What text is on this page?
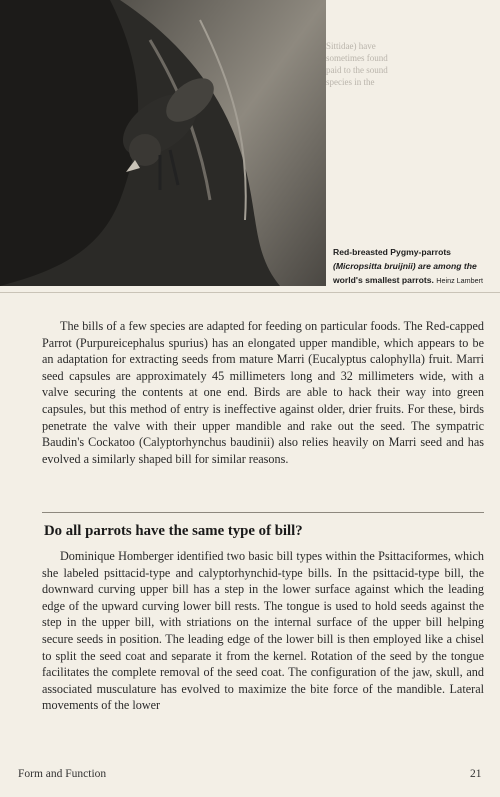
Sittidae) have
sometimes found
paid to the sound
species in the
Red-breasted Pygmy-parrots
(Micropsitta bruijnii) are among the
world's smallest parrots. Heinz Lambert

The bills of a few species are adapted for feeding on particular foods. The Red-capped Parrot (Purpureicephalus spurius) has an elongated upper mandible, which appears to be an adaptation for extracting seeds from mature Marri (Eucalyptus calophylla) fruit. Marri seed capsules are approximately 45 millimeters long and 32 millimeters wide, with a valve securing the contents at one end. Birds are able to hack their way into green capsules, but this method of entry is ineffective against older, drier fruits. For these, birds penetrate the valve with their upper mandible and rake out the seed. The sympatric Baudin's Cockatoo (Calyptorhynchus baudinii) also relies heavily on Marri seed and has evolved a similarly shaped bill for similar reasons.

Do all parrots have the same type of bill?

Dominique Homberger identified two basic bill types within the Psittaciformes, which she labeled psittacid-type and calyptorhynchid-type bills. In the psittacid-type bill, the downward curving upper bill has a step in the lower surface against which the leading edge of the upward curving lower bill rests. The tongue is used to hold seeds against the step in the upper bill, with striations on the internal surface of the upper bill helping secure seeds in position. The leading edge of the lower bill is then employed like a chisel to split the seed coat and separate it from the kernel. Rotation of the seed by the tongue facilitates the complete removal of the seed coat. The configuration of the jaw, skull, and associated musculature has evolved to maximize the bite force of the mandible. Lateral movements of the lower

Form and Function	21
